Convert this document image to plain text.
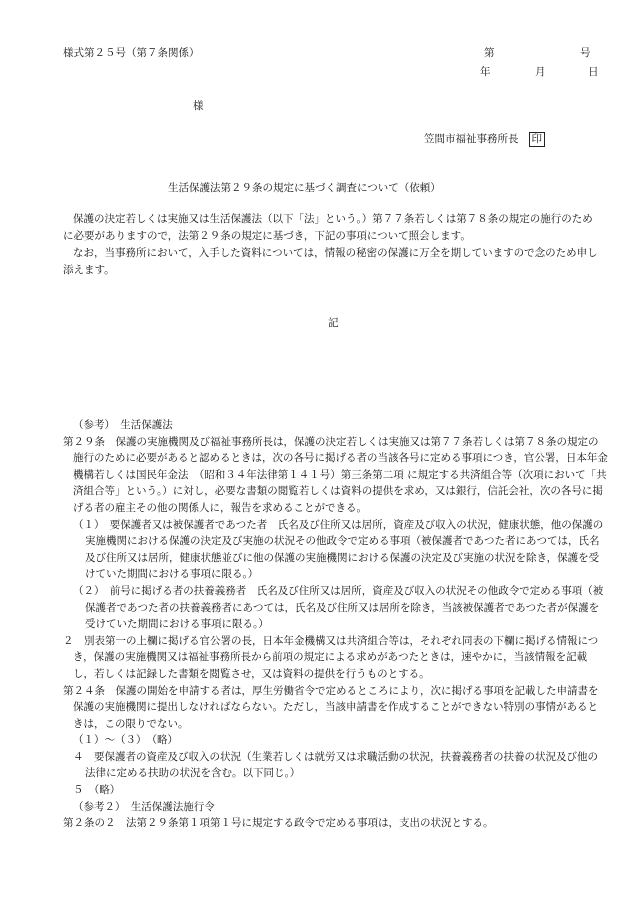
様式第２５号（第７条関係）	第	号
年	月	日
様
笠間市福祉事務所長 印
生活保護法第２９条の規定に基づく調査について（依頼）

保護の決定若しくは実施又は生活保護法（以下「法」という。）第７７条若しくは第７８条の規定の施行のために必要がありますので，法第２９条の規定に基づき，下記の事項について照会します。

なお，当事務所において，入手した資料については，情報の秘密の保護に万全を期していますので念のため申し添えます。

記

（参考）　生活保護法

第２９条　保護の実施機関及び福祉事務所長は，保護の決定若しくは実施又は第７７条若しくは第７８条の規定の施行のために必要があると認めるときは，次の各号に掲げる者の当該各号に定める事項につき，官公署，日本年金機構若しくは国民年金法　（昭和３４年法律第１４１号）第三条第二項 に規定する共済組合等（次項において「共済組合等」という。）に対し，必要な書類の閲覧若しくは資料の提供を求め，又は銀行，信託会社，次の各号に掲げる者の雇主その他の関係人に，報告を求めることができる。

（１）　要保護者又は被保護者であつた者　氏名及び住所又は居所，資産及び収入の状況，健康状態，他の保護の実施機関における保護の決定及び実施の状況その他政令で定める事項（被保護者であつた者にあつては，氏名及び住所又は居所，健康状態並びに他の保護の実施機関における保護の決定及び実施の状況を除き，保護を受けていた期間における事項に限る。）

（２）　前号に掲げる者の扶養義務者　氏名及び住所又は居所，資産及び収入の状況その他政令で定める事項（被保護者であつた者の扶養義務者にあつては，氏名及び住所又は居所を除き，当該被保護者であつた者が保護を受けていた期間における事項に限る。）

２　別表第一の上欄に掲げる官公署の長，日本年金機構又は共済組合等は，それぞれ同表の下欄に掲げる情報につき，保護の実施機関又は福祉事務所長から前項の規定による求めがあつたときは，速やかに，当該情報を記載し，若しくは記録した書類を閲覧させ，又は資料の提供を行うものとする。

第２４条　保護の開始を申請する者は，厚生労働省令で定めるところにより，次に掲げる事項を記載した申請書を保護の実施機関に提出しなければならない。ただし，当該申請書を作成することができない特別の事情があるときは，この限りでない。

（１）～（３）　（略）

４　要保護者の資産及び収入の状況（生業若しくは就労又は求職活動の状況，扶養義務者の扶養の状況及び他の法律に定める扶助の状況を含む。以下同じ。）

５　（略）

（参考２）　生活保護法施行令

第２条の２　法第２９条第１項第１号に規定する政令で定める事項は，支出の状況とする。
